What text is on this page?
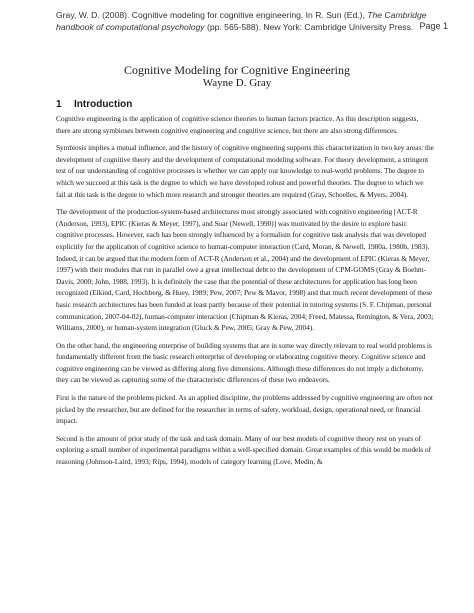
Gray, W. D. (2008). Cognitive modeling for cognitive engineering. In R. Sun (Ed.), The Cambridge handbook of computational psychology (pp. 565-588). New York: Cambridge University Press. Page 1
Cognitive Modeling for Cognitive Engineering
Wayne D. Gray
1 Introduction

Cognitive engineering is the application of cognitive science theories to human factors practice. As this description suggests, there are strong symbioses between cognitive engineering and cognitive science, but there are also strong differences.

Symbiosis implies a mutual influence, and the history of cognitive engineering supports this characterization in two key areas: the development of cognitive theory and the development of computational modeling software. For theory development, a stringent test of our understanding of cognitive processes is whether we can apply our knowledge to real-world problems. The degree to which we succeed at this task is the degree to which we have developed robust and powerful theories. The degree to which we fail at this task is the degree to which more research and stronger theories are required (Gray, Schoelles, & Myers, 2004).

The development of the production-system-based architectures most strongly associated with cognitive engineering [ACT-R (Anderson, 1993), EPIC (Kieras & Meyer, 1997), and Soar (Newell, 1990)] was motivated by the desire to explore basic cognitive processes. However, each has been strongly influenced by a formalism for cognitive task analysis that was developed explicitly for the application of cognitive science to human-computer interaction (Card, Moran, & Newell, 1980a, 1980b, 1983). Indeed, it can be argued that the modern form of ACT-R (Anderson et al., 2004) and the development of EPIC (Kieras & Meyer, 1997) with their modules that run in parallel owe a great intellectual debt to the development of CPM-GOMS (Gray & Boehm-Davis, 2000; John, 1988, 1993). It is definitely the case that the potential of these architectures for application has long been recognized (Elkind, Card, Hochberg, & Huey, 1989; Pew, 2007; Pew & Mavor, 1998) and that much recent development of these basic research architectures has been funded at least partly because of their potential in tutoring systems (S. F. Chipman, personal communication, 2007-04-02), human-computer interaction (Chipman & Kieras, 2004; Freed, Matessa, Remington, & Vera, 2003; Williams, 2000), or human-system integration (Gluck & Pew, 2005; Gray & Pew, 2004).

On the other hand, the engineering enterprise of building systems that are in some way directly relevant to real world problems is fundamentally different from the basic research enterprise of developing or elaborating cognitive theory. Cognitive science and cognitive engineering can be viewed as differing along five dimensions. Although these differences do not imply a dichotomy, they can be viewed as capturing some of the characteristic differences of these two endeavors.

First is the nature of the problems picked. As an applied discipline, the problems addressed by cognitive engineering are often not picked by the researcher, but are defined for the researcher in terms of safety, workload, design, operational need, or financial impact.

Second is the amount of prior study of the task and task domain. Many of our best models of cognitive theory rest on years of exploring a small number of experimental paradigms within a well-specified domain. Great examples of this would be models of reasoning (Johnson-Laird, 1993; Rips, 1994), models of category learning (Love, Medin, &
